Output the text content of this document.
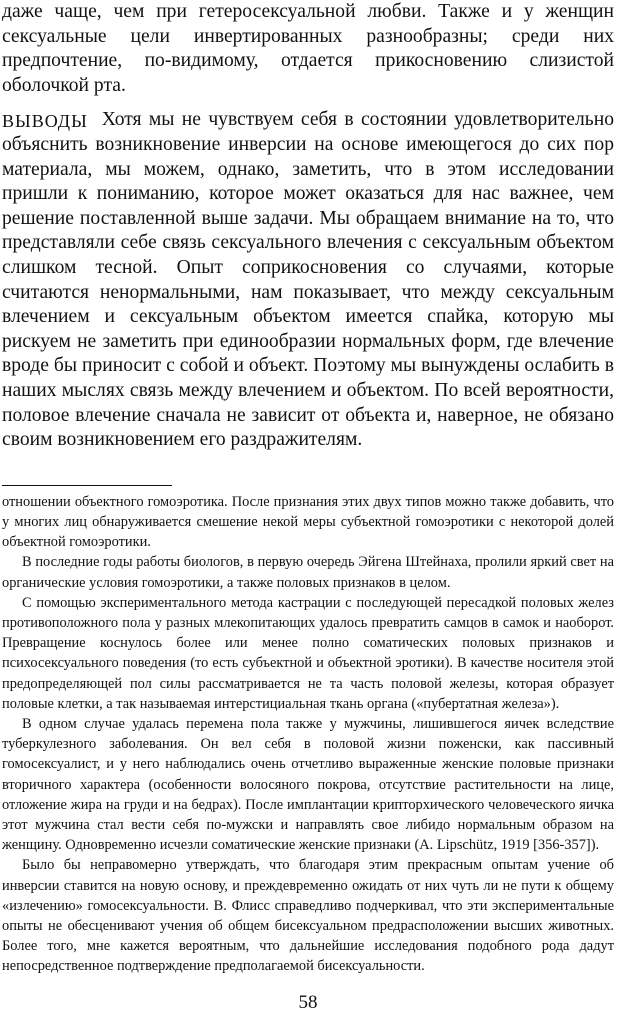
даже чаще, чем при гетеросексуальной любви. Также и у женщин сексуальные цели инвертированных разнообразны; среди них предпочтение, по-видимому, отдается прикосновению слизистой оболочкой рта.

ВЫВОДЫ Хотя мы не чувствуем себя в состоянии удовлетворительно объяснить возникновение инверсии на основе имеющегося до сих пор материала, мы можем, однако, заметить, что в этом исследовании пришли к пониманию, которое может оказаться для нас важнее, чем решение поставленной выше задачи. Мы обращаем внимание на то, что представляли себе связь сексуального влечения с сексуальным объектом слишком тесной. Опыт соприкосновения со случаями, которые считаются ненормальными, нам показывает, что между сексуальным влечением и сексуальным объектом имеется спайка, которую мы рискуем не заметить при единообразии нормальных форм, где влечение вроде бы приносит с собой и объект. Поэтому мы вынуждены ослабить в наших мыслях связь между влечением и объектом. По всей вероятности, половое влечение сначала не зависит от объекта и, наверное, не обязано своим возникновением его раздражителям.

отношении объектного гомоэротика. После признания этих двух типов можно также добавить, что у многих лиц обнаруживается смешение некой меры субъектной гомоэротики с некоторой долей объектной гомоэротики.

В последние годы работы биологов, в первую очередь Эйгена Штейнаха, пролили яркий свет на органические условия гомоэротики, а также половых признаков в целом.

С помощью экспериментального метода кастрации с последующей пересадкой половых желез противоположного пола у разных млекопитающих удалось превратить самцов в самок и наоборот. Превращение коснулось более или менее полно соматических половых признаков и психосексуального поведения (то есть субъектной и объектной эротики). В качестве носителя этой предопределяющей пол силы рассматривается не та часть половой железы, которая образует половые клетки, а так называемая интерстициальная ткань органа («пубертатная железа»).

В одном случае удалась перемена пола также у мужчины, лишившегося яичек вследствие туберкулезного заболевания. Он вел себя в половой жизни поженски, как пассивный гомосексуалист, и у него наблюдались очень отчетливо выраженные женские половые признаки вторичного характера (особенности волосяного покрова, отсутствие растительности на лице, отложение жира на груди и на бедрах). После имплантации крипторхического человеческого яичка этот мужчина стал вести себя по-мужски и направлять свое либидо нормальным образом на женщину. Одновременно исчезли соматические женские признаки (A. Lipschütz, 1919 [356-357]).

Было бы неправомерно утверждать, что благодаря этим прекрасным опытам учение об инверсии ставится на новую основу, и преждевременно ожидать от них чуть ли не пути к общему «излечению» гомосексуальности. В. Флисс справедливо подчеркивал, что эти экспериментальные опыты не обесценивают учения об общем бисексуальном предрасположении высших животных. Более того, мне кажется вероятным, что дальнейшие исследования подобного рода дадут непосредственное подтверждение предполагаемой бисексуальности.

58
